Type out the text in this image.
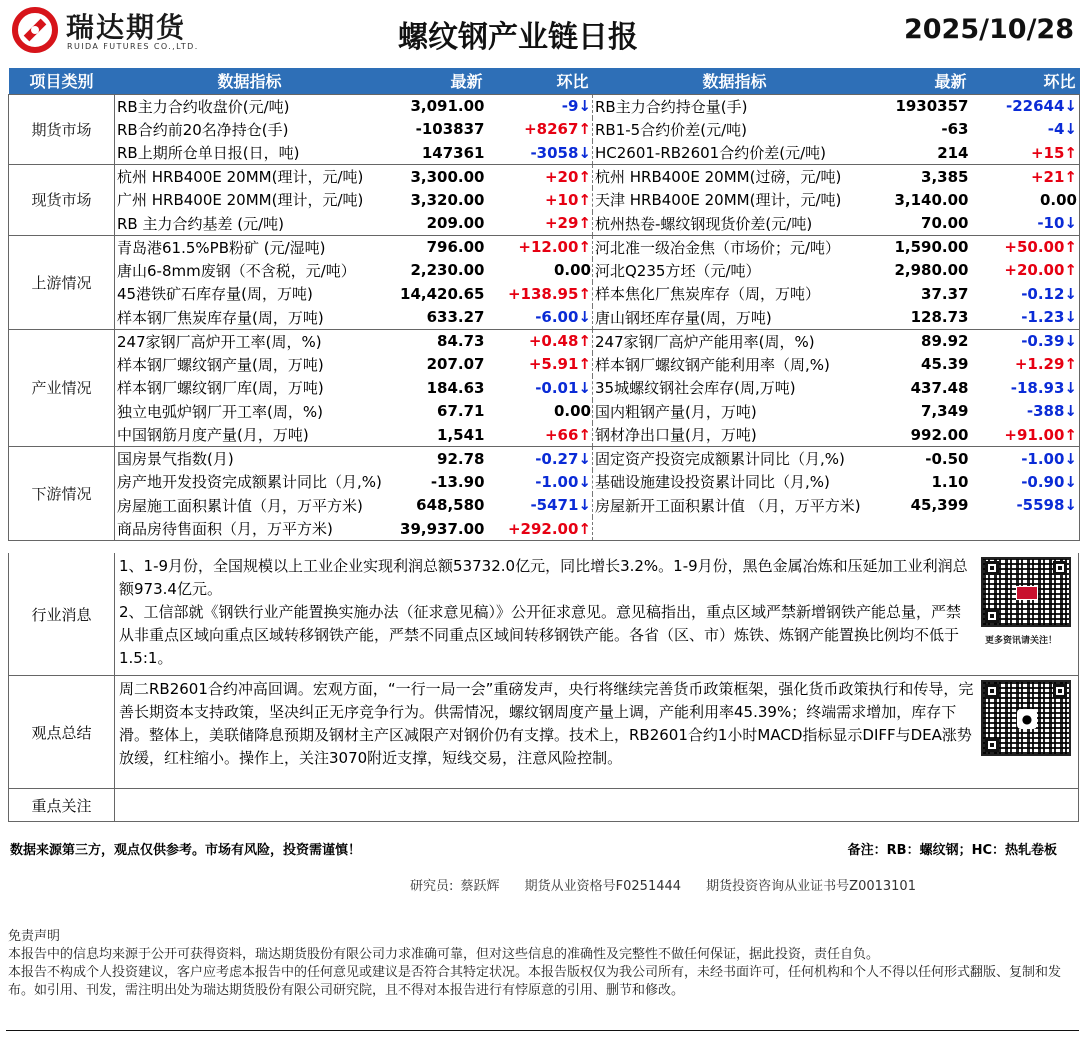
瑞达期货
RUIDA FUTURES CO.,LTD.	螺纹钢产业链日报	2025/10/28
项目类别	数据指标	最新	环比	数据指标	最新	环比
期货市场	RB主力合约收盘价(元/吨)	3,091.00	-9↓	RB主力合约持仓量(手)	1930357	-22644↓
	RB合约前20名净持仓(手)	-103837	+8267↑	RB1-5合约价差(元/吨)	-63	-4↓
	RB上期所仓单日报(日，吨)	147361	-3058↓	HC2601-RB2601合约价差(元/吨)	214	+15↑
现货市场	杭州 HRB400E 20MM(理计，元/吨)	3,300.00	+20↑	杭州 HRB400E 20MM(过磅，元/吨)	3,385	+21↑
	广州 HRB400E 20MM(理计，元/吨)	3,320.00	+10↑	天津 HRB400E 20MM(理计，元/吨)	3,140.00	0.00
	RB 主力合约基差 (元/吨)	209.00	+29↑	杭州热卷-螺纹钢现货价差(元/吨)	70.00	-10↓
上游情况	青岛港61.5%PB粉矿 (元/湿吨)	796.00	+12.00↑	河北准一级冶金焦（市场价；元/吨）	1,590.00	+50.00↑
	唐山6-8mm废钢（不含税，元/吨）	2,230.00	0.00	河北Q235方坯（元/吨）	2,980.00	+20.00↑
	45港铁矿石库存量(周，万吨)	14,420.65	+138.95↑	样本焦化厂焦炭库存（周，万吨）	37.37	-0.12↓
	样本钢厂焦炭库存量(周，万吨)	633.27	-6.00↓	唐山钢坯库存量(周，万吨)	128.73	-1.23↓
产业情况	247家钢厂高炉开工率(周，%)	84.73	+0.48↑	247家钢厂高炉产能用率(周，%)	89.92	-0.39↓
	样本钢厂螺纹钢产量(周，万吨)	207.07	+5.91↑	样本钢厂螺纹钢产能利用率（周,%)	45.39	+1.29↑
	样本钢厂螺纹钢厂库(周，万吨)	184.63	-0.01↓	35城螺纹钢社会库存(周,万吨)	437.48	-18.93↓
	独立电弧炉钢厂开工率(周，%)	67.71	0.00	国内粗钢产量(月，万吨)	7,349	-388↓
	中国钢筋月度产量(月，万吨)	1,541	+66↑	钢材净出口量(月，万吨)	992.00	+91.00↑
下游情况	国房景气指数(月)	92.78	-0.27↓	固定资产投资完成额累计同比（月,%)	-0.50	-1.00↓
	房产地开发投资完成额累计同比（月,%)	-13.90	-1.00↓	基础设施建设投资累计同比（月,%)	1.10	-0.90↓
	房屋施工面积累计值（月，万平方米)	648,580	-5471↓	房屋新开工面积累计值 （月，万平方米)	45,399	-5598↓
	商品房待售面积（月，万平方米)	39,937.00	+292.00↑			
行业消息
1、1-9月份，全国规模以上工业企业实现利润总额53732.0亿元，同比增长3.2%。1-9月份，黑色金属冶炼和压延加工业利润总额973.4亿元。
2、工信部就《钢铁行业产能置换实施办法（征求意见稿）》公开征求意见。意见稿指出，重点区域严禁新增钢铁产能总量，严禁从非重点区域向重点区域转移钢铁产能，严禁不同重点区域间转移钢铁产能。各省（区、市）炼铁、炼钢产能置换比例均不低于1.5:1。
更多资讯请关注！
观点总结
周二RB2601合约冲高回调。宏观方面，“一行一局一会”重磅发声，央行将继续完善货币政策框架，强化货币政策执行和传导，完善长期资本支持政策，坚决纠正无序竞争行为。供需情况，螺纹钢周度产量上调，产能利用率45.39%；终端需求增加，库存下滑。整体上，美联储降息预期及钢材主产区减限产对钢价仍有支撑。技术上，RB2601合约1小时MACD指标显示DIFF与DEA涨势放缓，红柱缩小。操作上，关注3070附近支撑，短线交易，注意风险控制。
●
重点关注
数据来源第三方，观点仅供参考。市场有风险，投资需谨慎！	备注：RB：螺纹钢；HC：热轧卷板
研究员: 蔡跃辉 期货从业资格号F0251444 期货投资咨询从业证书号Z0013101
免责声明
本报告中的信息均来源于公开可获得资料，瑞达期货股份有限公司力求准确可靠，但对这些信息的准确性及完整性不做任何保证，据此投资，责任自负。
本报告不构成个人投资建议，客户应考虑本报告中的任何意见或建议是否符合其特定状况。本报告版权仅为我公司所有，未经书面许可，任何机构和个人不得以任何形式翻版、复制和发布。如引用、刊发，需注明出处为瑞达期货股份有限公司研究院，且不得对本报告进行有悖原意的引用、删节和修改。
